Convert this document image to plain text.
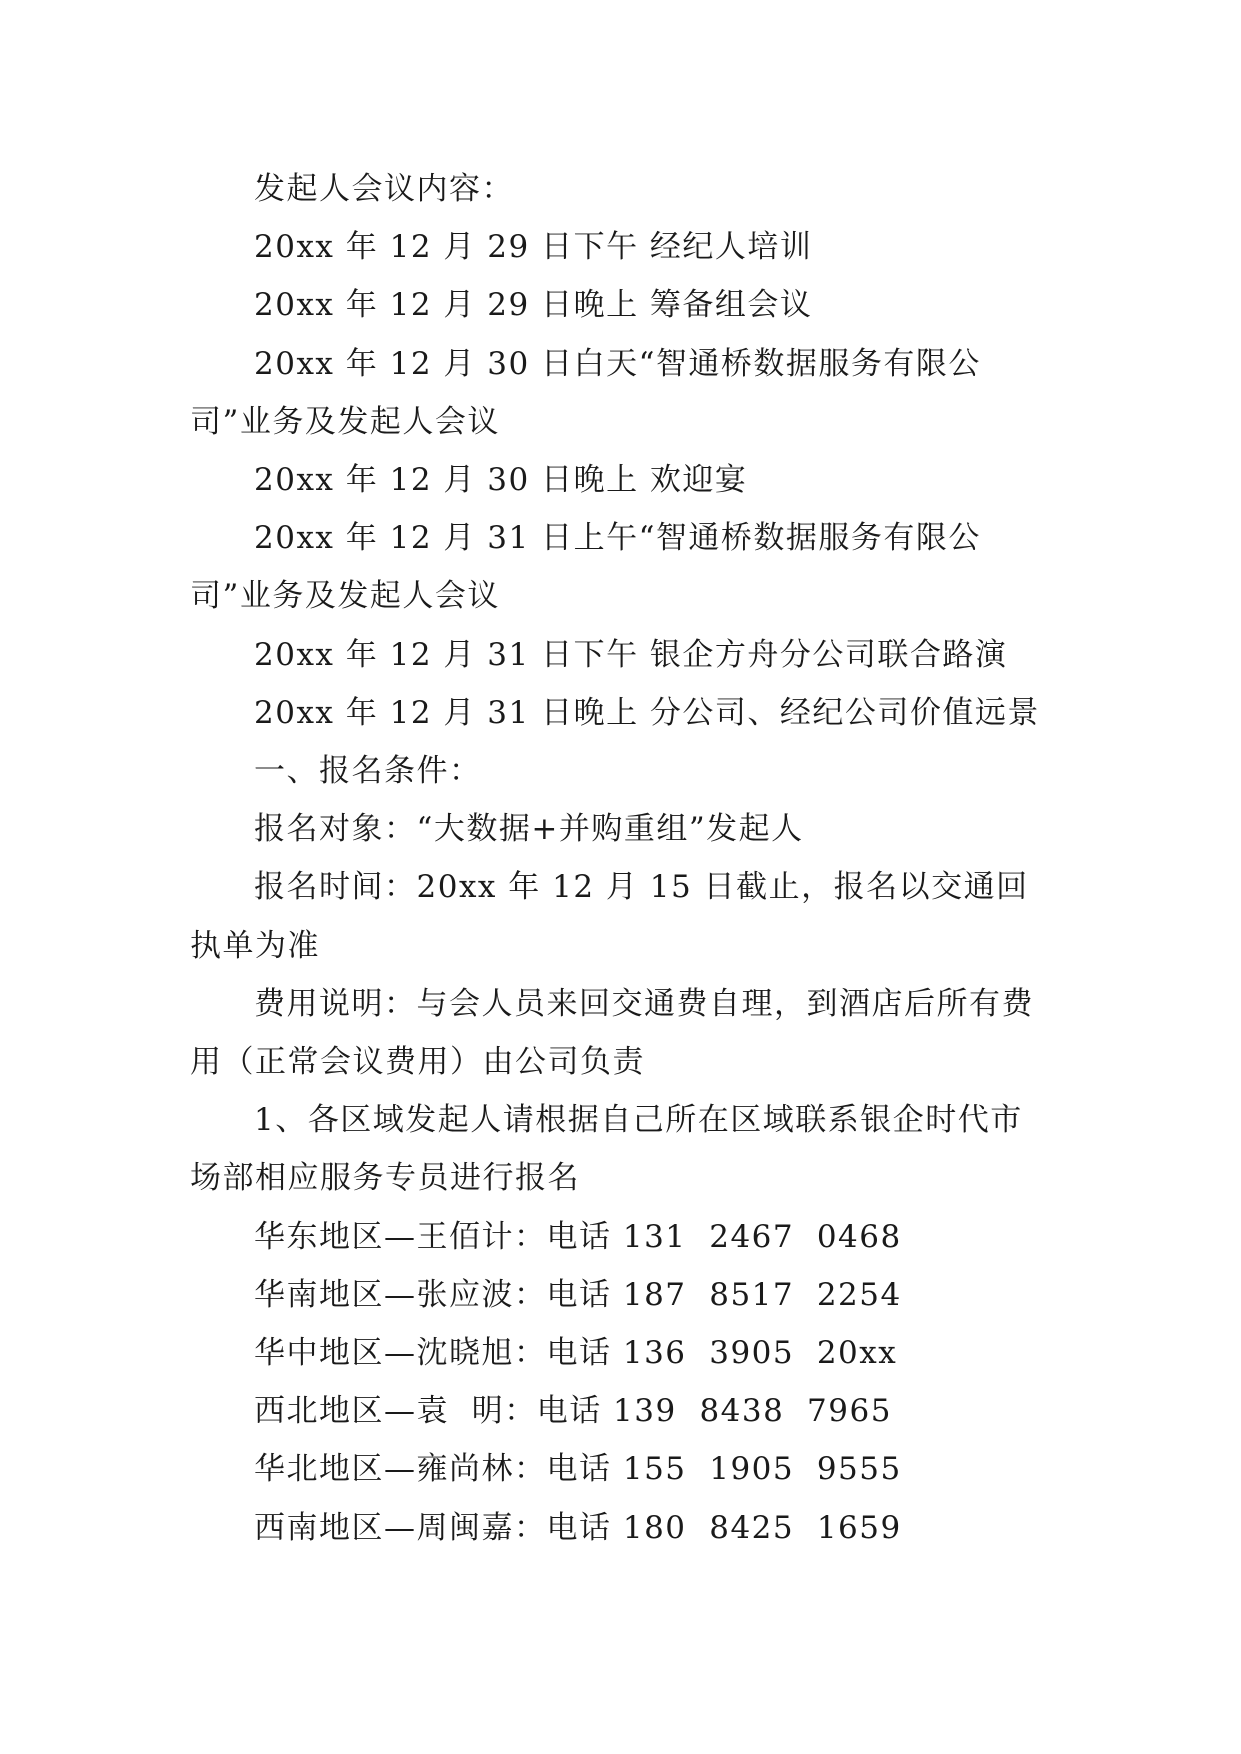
发起人会议内容：

20xx 年 12 月 29 日下午 经纪人培训

20xx 年 12 月 29 日晚上 筹备组会议

20xx 年 12 月 30 日白天“智通桥数据服务有限公司”业务及发起人会议

20xx 年 12 月 30 日晚上 欢迎宴

20xx 年 12 月 31 日上午“智通桥数据服务有限公司”业务及发起人会议

20xx 年 12 月 31 日下午 银企方舟分公司联合路演

20xx 年 12 月 31 日晚上 分公司、经纪公司价值远景

一、报名条件：

报名对象：“大数据+并购重组”发起人

报名时间：20xx 年 12 月 15 日截止，报名以交通回执单为准

费用说明：与会人员来回交通费自理，到酒店后所有费用（正常会议费用）由公司负责

1、各区域发起人请根据自己所在区域联系银企时代市场部相应服务专员进行报名

华东地区—王佰计：电话 131  2467  0468

华南地区—张应波：电话 187  8517  2254

华中地区—沈晓旭：电话 136  3905  20xx

西北地区—袁  明：电话 139  8438  7965

华北地区—雍尚林：电话 155  1905  9555

西南地区—周闽嘉：电话 180  8425  1659
